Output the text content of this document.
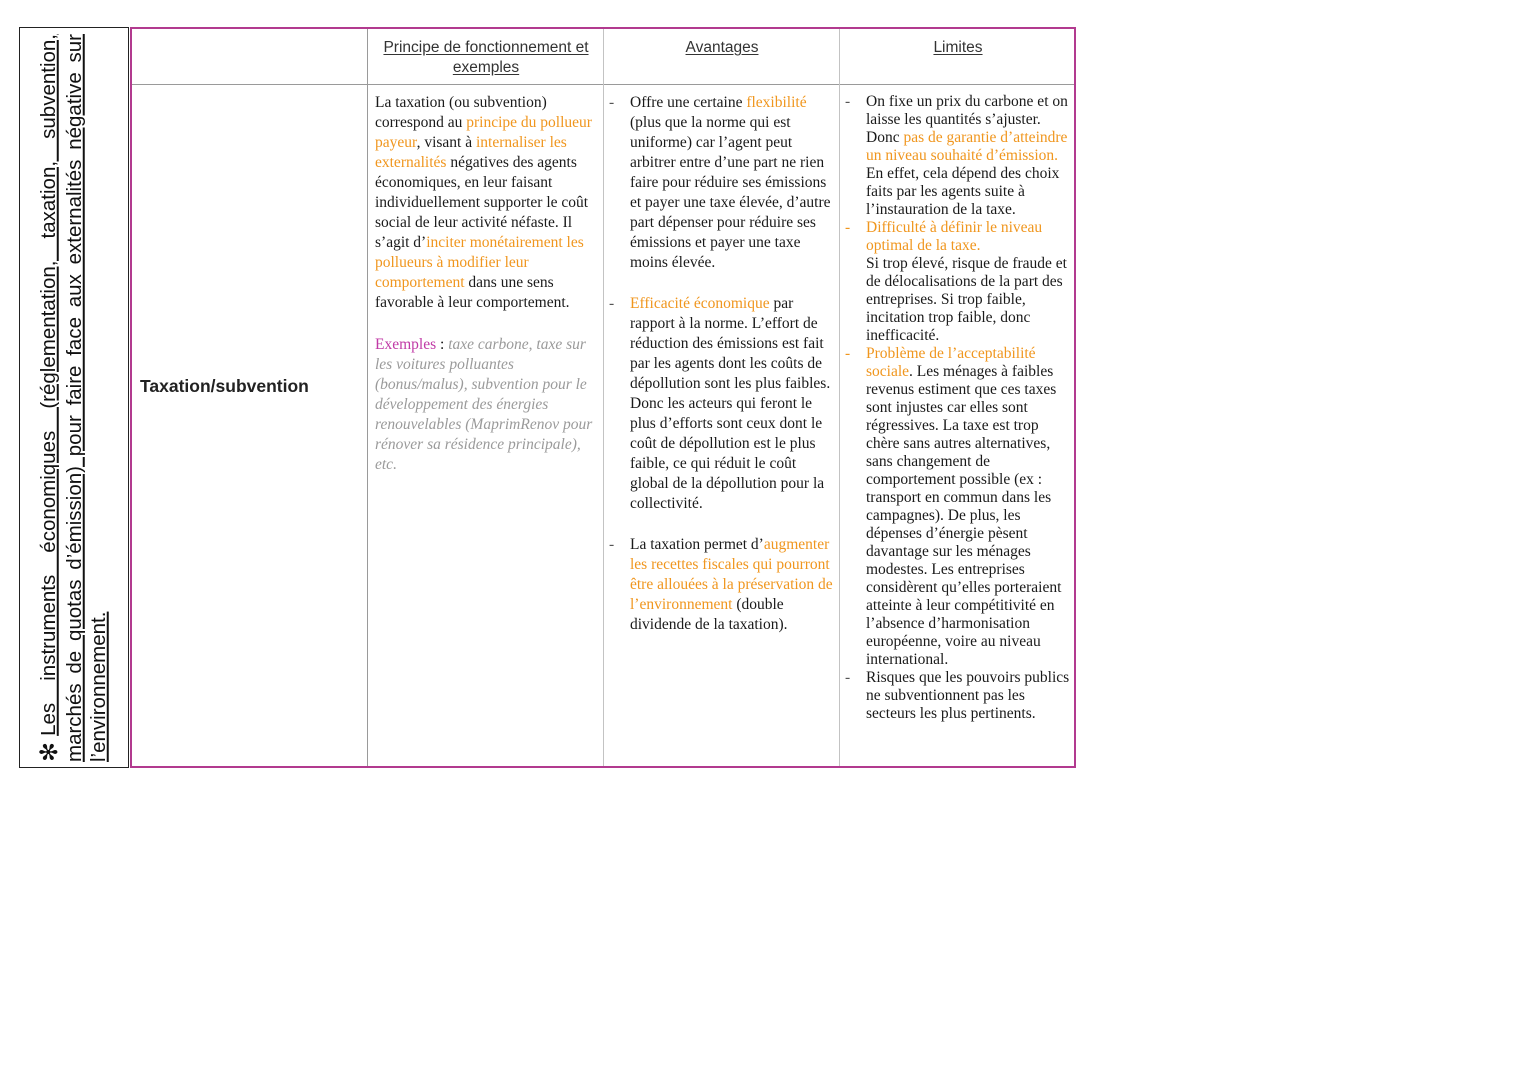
✻Les instruments économiques (réglementation, taxation, subvention, marchés de quotas d’émission) pour faire face aux externalités négative sur l’environnement.
Principe de fonctionnement et exemples
Avantages	Limites
Taxation/subvention

La taxation (ou subvention) correspond au principe du pollueur payeur, visant à internaliser les externalités négatives des agents économiques, en leur faisant individuellement supporter le coût social de leur activité néfaste. Il s’agit d’inciter monétairement les pollueurs à modifier leur comportement dans une sens favorable à leur comportement.

Exemples : taxe carbone, taxe sur les voitures polluantes (bonus/malus), subvention pour le développement des énergies renouvelables (MaprimRenov pour rénover sa résidence principale), etc.

- Offre une certaine flexibilité (plus que la norme qui est uniforme) car l’agent peut arbitrer entre d’une part ne rien faire pour réduire ses émissions et payer une taxe élevée, d’autre part dépenser pour réduire ses émissions et payer une taxe moins élevée.
- Efficacité économique par rapport à la norme. L’effort de réduction des émissions est fait par les agents dont les coûts de dépollution sont les plus faibles. Donc les acteurs qui feront le plus d’efforts sont ceux dont le coût de dépollution est le plus faible, ce qui réduit le coût global de la dépollution pour la collectivité.
- La taxation permet d’augmenter les recettes fiscales qui pourront être allouées à la préservation de l’environnement (double dividende de la taxation).
- On fixe un prix du carbone et on laisse les quantités s’ajuster. Donc pas de garantie d’atteindre un niveau souhaité d’émission. En effet, cela dépend des choix faits par les agents suite à l’instauration de la taxe.
- Difficulté à définir le niveau optimal de la taxe.
Si trop élevé, risque de fraude et de délocalisations de la part des entreprises. Si trop faible, incitation trop faible, donc inefficacité.
- Problème de l’acceptabilité sociale. Les ménages à faibles revenus estiment que ces taxes sont injustes car elles sont régressives. La taxe est trop chère sans autres alternatives, sans changement de comportement possible (ex : transport en commun dans les campagnes). De plus, les dépenses d’énergie pèsent davantage sur les ménages modestes. Les entreprises considèrent qu’elles porteraient atteinte à leur compétitivité en l’absence d’harmonisation européenne, voire au niveau international.
- Risques que les pouvoirs publics ne subventionnent pas les secteurs les plus pertinents.
